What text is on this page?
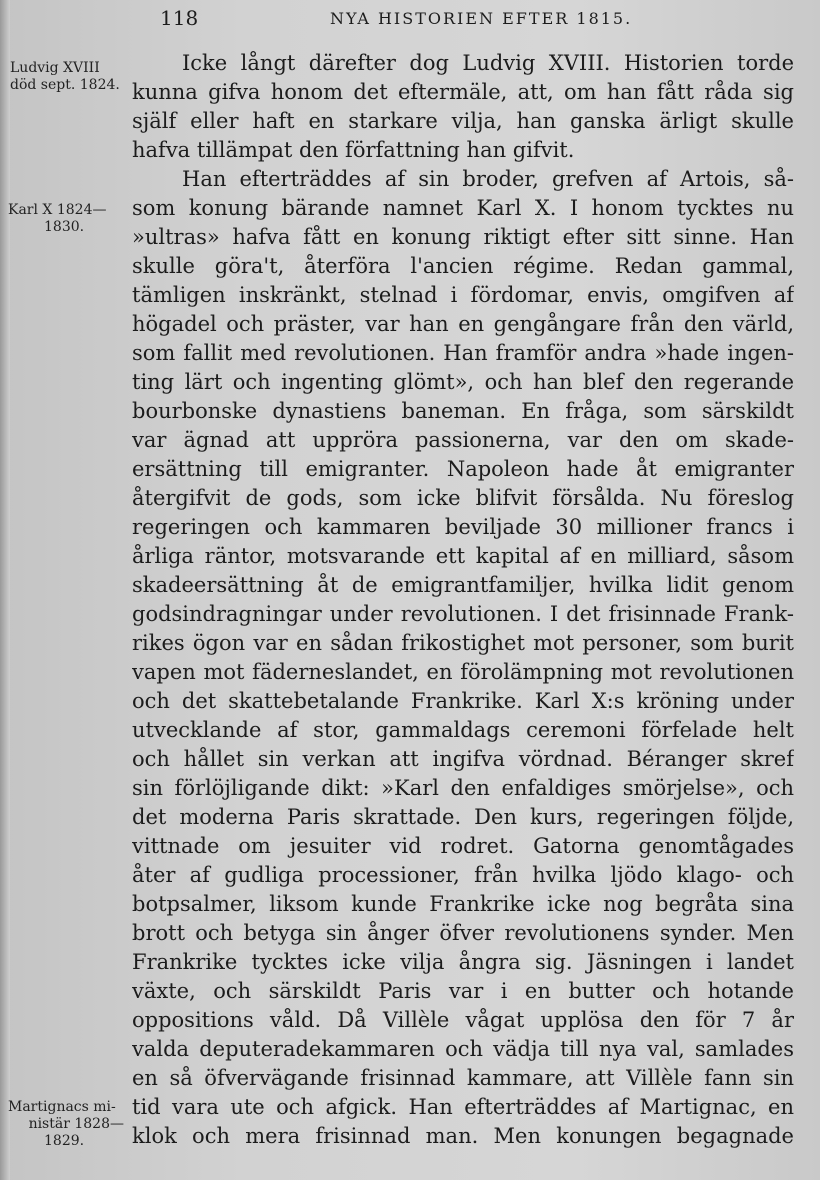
118	NYA HISTORIEN EFTER 1815.
Ludvig XVIII
död sept. 1824.
Karl X 1824—
1830.
Martignacs mi-
nistär 1828—
1829.
Icke långt därefter dog Ludvig XVIII. Historien torde
kunna gifva honom det eftermäle, att, om han fått råda sig
själf eller haft en starkare vilja, han ganska ärligt skulle
hafva tillämpat den författning han gifvit.
Han efterträddes af sin broder, grefven af Artois, så-
som konung bärande namnet Karl X. I honom tycktes nu
»ultras» hafva fått en konung riktigt efter sitt sinne. Han
skulle göra't, återföra l'ancien régime. Redan gammal,
tämligen inskränkt, stelnad i fördomar, envis, omgifven af
högadel och präster, var han en gengångare från den värld,
som fallit med revolutionen. Han framför andra »hade ingen-
ting lärt och ingenting glömt», och han blef den regerande
bourbonske dynastiens baneman. En fråga, som särskildt
var ägnad att uppröra passionerna, var den om skade-
ersättning till emigranter. Napoleon hade åt emigranter
återgifvit de gods, som icke blifvit försålda. Nu föreslog
regeringen och kammaren beviljade 30 millioner francs i
årliga räntor, motsvarande ett kapital af en milliard, såsom
skadeersättning åt de emigrantfamiljer, hvilka lidit genom
godsindragningar under revolutionen. I det frisinnade Frank-
rikes ögon var en sådan frikostighet mot personer, som burit
vapen mot fäderneslandet, en förolämpning mot revolutionen
och det skattebetalande Frankrike. Karl X:s kröning under
utvecklande af stor, gammaldags ceremoni förfelade helt
och hållet sin verkan att ingifva vördnad. Béranger skref
sin förlöjligande dikt: »Karl den enfaldiges smörjelse», och
det moderna Paris skrattade. Den kurs, regeringen följde,
vittnade om jesuiter vid rodret. Gatorna genomtågades
åter af gudliga processioner, från hvilka ljödo klago- och
botpsalmer, liksom kunde Frankrike icke nog begråta sina
brott och betyga sin ånger öfver revolutionens synder. Men
Frankrike tycktes icke vilja ångra sig. Jäsningen i landet
växte, och särskildt Paris var i en butter och hotande
oppositions våld. Då Villèle vågat upplösa den för 7 år
valda deputeradekammaren och vädja till nya val, samlades
en så öfvervägande frisinnad kammare, att Villèle fann sin
tid vara ute och afgick. Han efterträddes af Martignac, en
klok och mera frisinnad man. Men konungen begagnade
